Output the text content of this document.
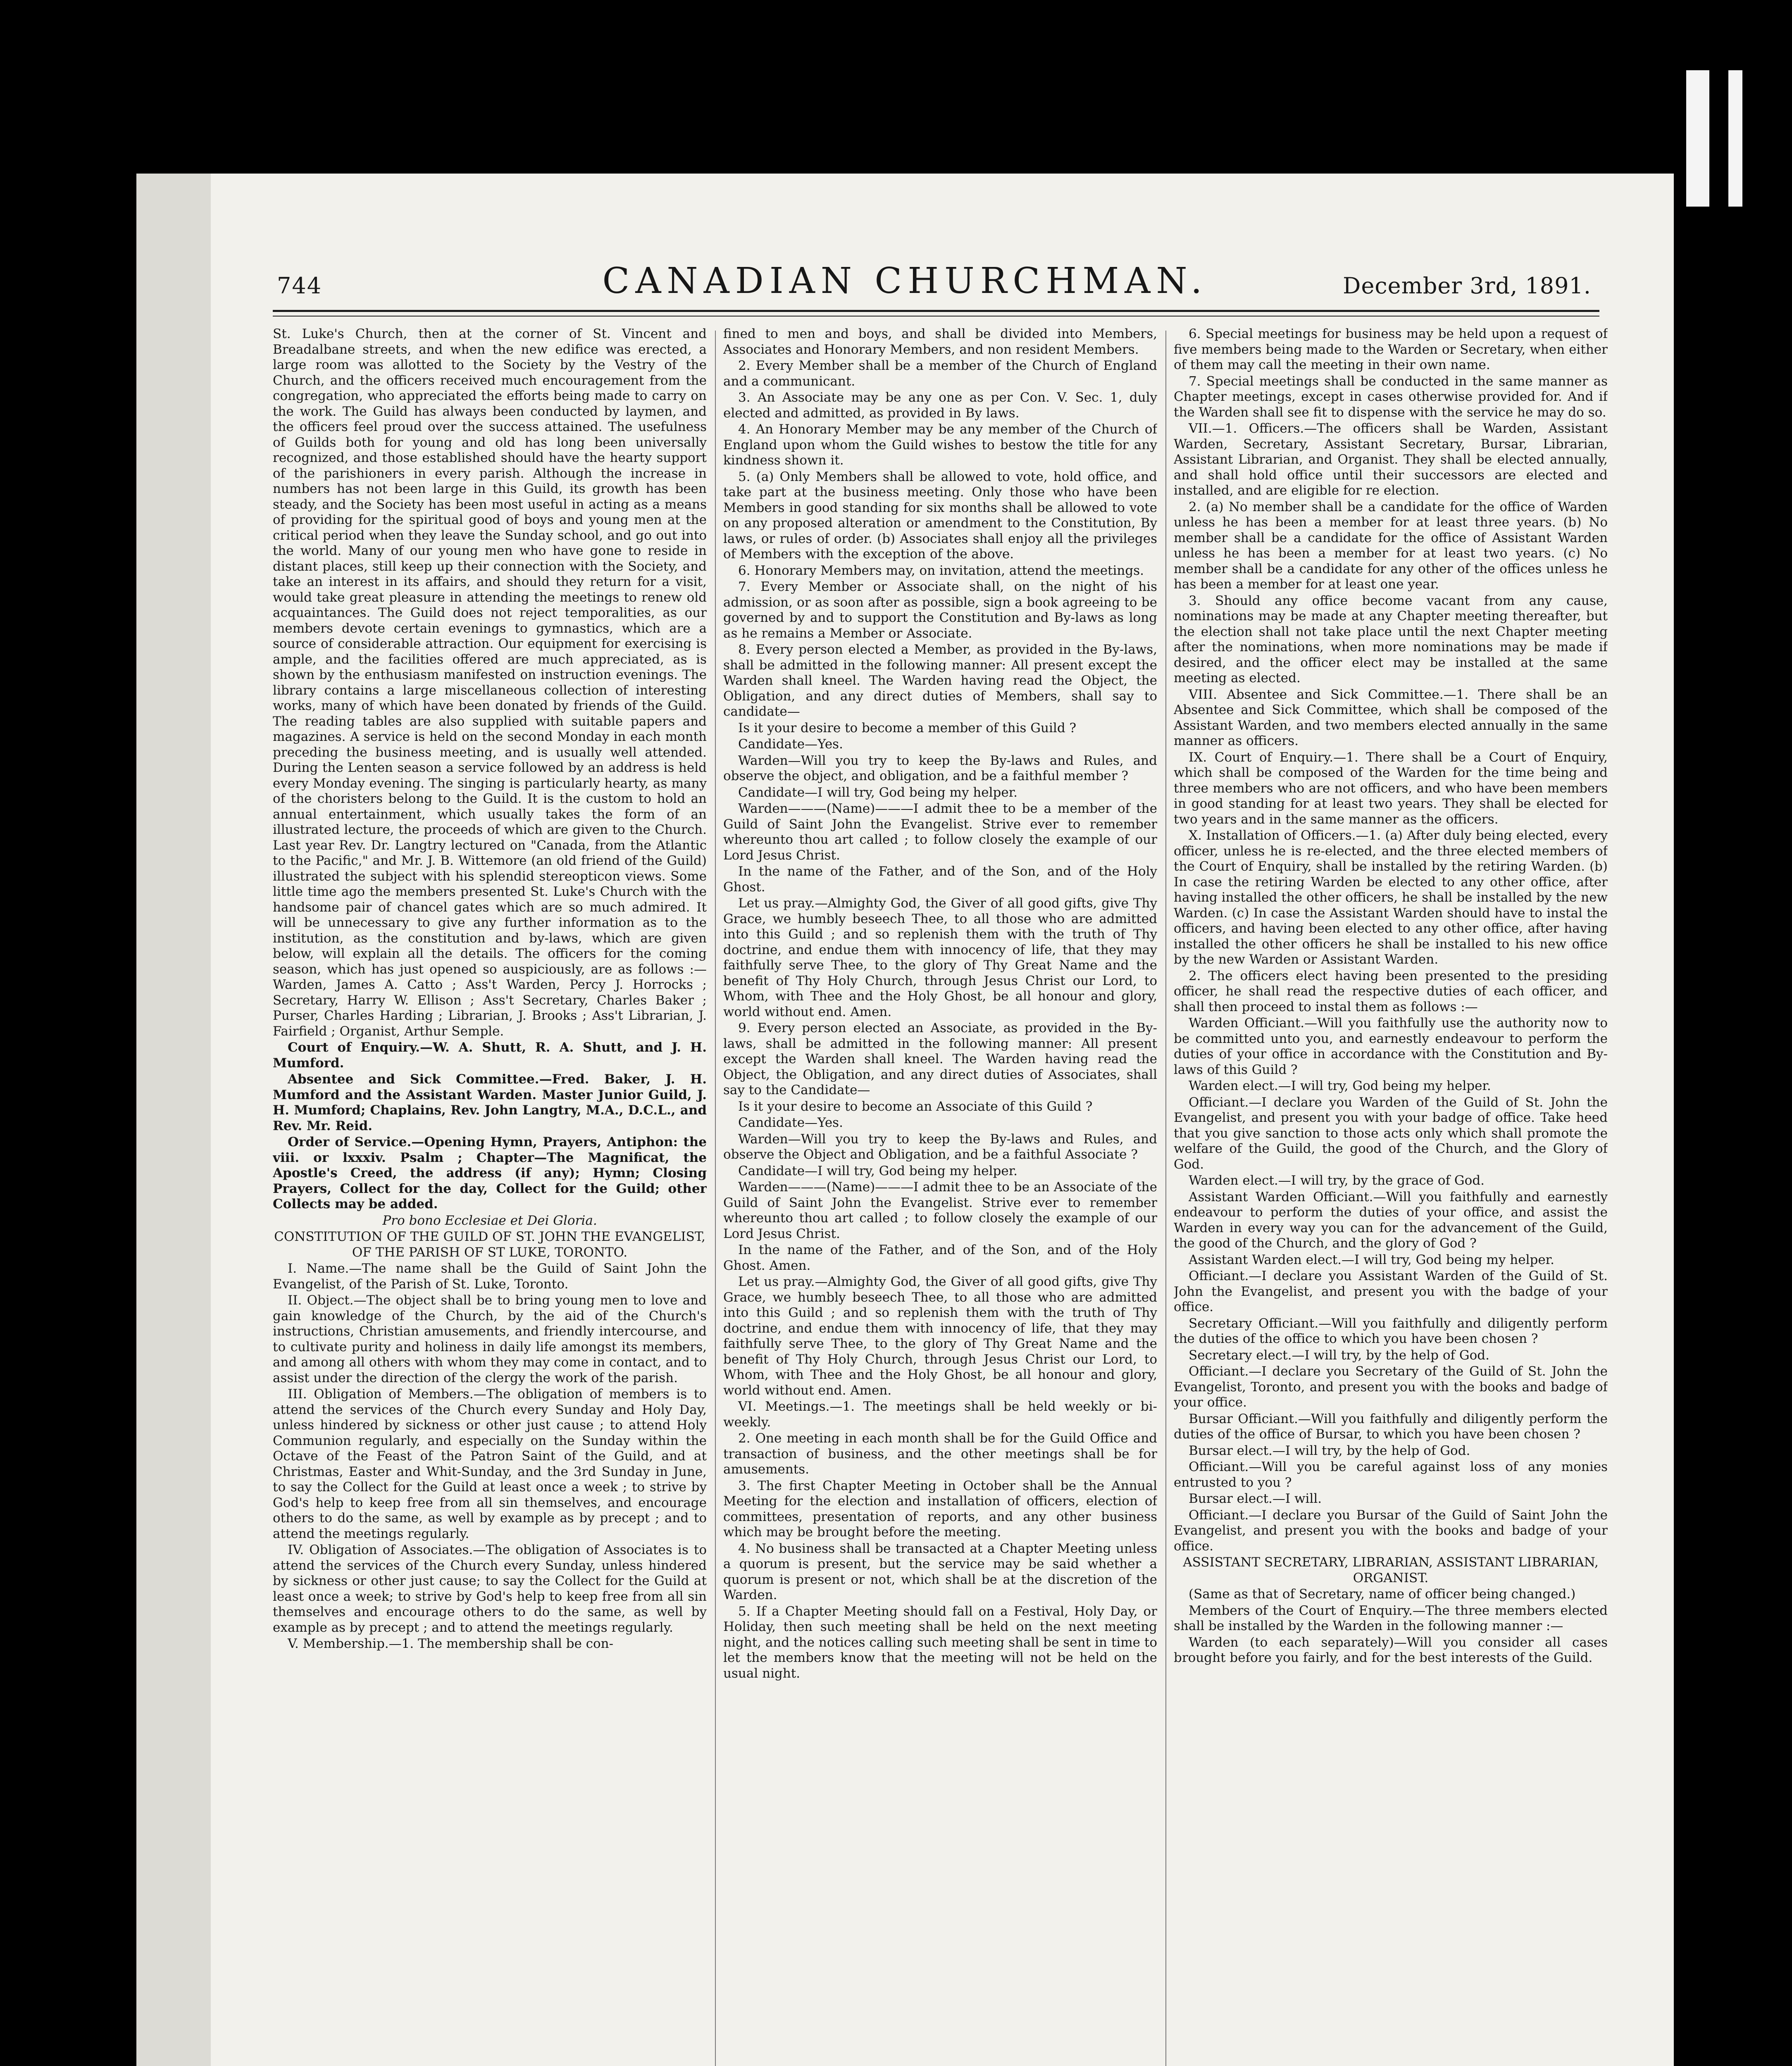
744	CANADIAN CHURCHMAN.	December 3rd, 1891.

St. Luke's Church, then at the corner of St. Vincent and Breadalbane streets, and when the new edifice was erected, a large room was allotted to the Society by the Vestry of the Church, and the officers received much encouragement from the congregation, who appreciated the efforts being made to carry on the work. The Guild has always been conducted by laymen, and the officers feel proud over the success attained. The usefulness of Guilds both for young and old has long been universally recognized, and those established should have the hearty support of the parishioners in every parish. Although the increase in numbers has not been large in this Guild, its growth has been steady, and the Society has been most useful in acting as a means of providing for the spiritual good of boys and young men at the critical period when they leave the Sunday school, and go out into the world. Many of our young men who have gone to reside in distant places, still keep up their connection with the Society, and take an interest in its affairs, and should they return for a visit, would take great pleasure in attending the meetings to renew old acquaintances. The Guild does not reject temporalities, as our members devote certain evenings to gymnastics, which are a source of considerable attraction. Our equipment for exercising is ample, and the facilities offered are much appreciated, as is shown by the enthusiasm manifested on instruction evenings. The library contains a large miscellaneous collection of interesting works, many of which have been donated by friends of the Guild. The reading tables are also supplied with suitable papers and magazines. A service is held on the second Monday in each month preceding the business meeting, and is usually well attended. During the Lenten season a service followed by an address is held every Monday evening. The singing is particularly hearty, as many of the choristers belong to the Guild. It is the custom to hold an annual entertainment, which usually takes the form of an illustrated lecture, the proceeds of which are given to the Church. Last year Rev. Dr. Langtry lectured on "Canada, from the Atlantic to the Pacific," and Mr. J. B. Wittemore (an old friend of the Guild) illustrated the subject with his splendid stereopticon views. Some little time ago the members presented St. Luke's Church with the handsome pair of chancel gates which are so much admired. It will be unnecessary to give any further information as to the institution, as the constitution and by-laws, which are given below, will explain all the details. The officers for the coming season, which has just opened so auspiciously, are as follows :—Warden, James A. Catto ; Ass't Warden, Percy J. Horrocks ; Secretary, Harry W. Ellison ; Ass't Secretary, Charles Baker ; Purser, Charles Harding ; Librarian, J. Brooks ; Ass't Librarian, J. Fairfield ; Organist, Arthur Semple.

Court of Enquiry.—W. A. Shutt, R. A. Shutt, and J. H. Mumford.

Absentee and Sick Committee.—Fred. Baker, J. H. Mumford and the Assistant Warden. Master Junior Guild, J. H. Mumford; Chaplains, Rev. John Langtry, M.A., D.C.L., and Rev. Mr. Reid.

Order of Service.—Opening Hymn, Prayers, Antiphon: the viii. or lxxxiv. Psalm ; Chapter—The Magnificat, the Apostle's Creed, the address (if any); Hymn; Closing Prayers, Collect for the day, Collect for the Guild; other Collects may be added.

Pro bono Ecclesiae et Dei Gloria.

CONSTITUTION OF THE GUILD OF ST. JOHN THE EVANGELIST, OF THE PARISH OF ST LUKE, TORONTO.

I. Name.—The name shall be the Guild of Saint John the Evangelist, of the Parish of St. Luke, Toronto.

II. Object.—The object shall be to bring young men to love and gain knowledge of the Church, by the aid of the Church's instructions, Christian amusements, and friendly intercourse, and to cultivate purity and holiness in daily life amongst its members, and among all others with whom they may come in contact, and to assist under the direction of the clergy the work of the parish.

III. Obligation of Members.—The obligation of members is to attend the services of the Church every Sunday and Holy Day, unless hindered by sickness or other just cause ; to attend Holy Communion regularly, and especially on the Sunday within the Octave of the Feast of the Patron Saint of the Guild, and at Christmas, Easter and Whit-Sunday, and the 3rd Sunday in June, to say the Collect for the Guild at least once a week ; to strive by God's help to keep free from all sin themselves, and encourage others to do the same, as well by example as by precept ; and to attend the meetings regularly.

IV. Obligation of Associates.—The obligation of Associates is to attend the services of the Church every Sunday, unless hindered by sickness or other just cause; to say the Collect for the Guild at least once a week; to strive by God's help to keep free from all sin themselves and encourage others to do the same, as well by example as by precept ; and to attend the meetings regularly.

V. Membership.—1. The membership shall be con-

fined to men and boys, and shall be divided into Members, Associates and Honorary Members, and non resident Members.

2. Every Member shall be a member of the Church of England and a communicant.

3. An Associate may be any one as per Con. V. Sec. 1, duly elected and admitted, as provided in By laws.

4. An Honorary Member may be any member of the Church of England upon whom the Guild wishes to bestow the title for any kindness shown it.

5. (a) Only Members shall be allowed to vote, hold office, and take part at the business meeting. Only those who have been Members in good standing for six months shall be allowed to vote on any proposed alteration or amendment to the Constitution, By laws, or rules of order. (b) Associates shall enjoy all the privileges of Members with the exception of the above.

6. Honorary Members may, on invitation, attend the meetings.

7. Every Member or Associate shall, on the night of his admission, or as soon after as possible, sign a book agreeing to be governed by and to support the Constitution and By-laws as long as he remains a Member or Associate.

8. Every person elected a Member, as provided in the By-laws, shall be admitted in the following manner: All present except the Warden shall kneel. The Warden having read the Object, the Obligation, and any direct duties of Members, shall say to candidate—

Is it your desire to become a member of this Guild ?

Candidate—Yes.

Warden—Will you try to keep the By-laws and Rules, and observe the object, and obligation, and be a faithful member ?

Candidate—I will try, God being my helper.

Warden———(Name)———I admit thee to be a member of the Guild of Saint John the Evangelist. Strive ever to remember whereunto thou art called ; to follow closely the example of our Lord Jesus Christ.

In the name of the Father, and of the Son, and of the Holy Ghost.

Let us pray.—Almighty God, the Giver of all good gifts, give Thy Grace, we humbly beseech Thee, to all those who are admitted into this Guild ; and so replenish them with the truth of Thy doctrine, and endue them with innocency of life, that they may faithfully serve Thee, to the glory of Thy Great Name and the benefit of Thy Holy Church, through Jesus Christ our Lord, to Whom, with Thee and the Holy Ghost, be all honour and glory, world without end. Amen.

9. Every person elected an Associate, as provided in the By-laws, shall be admitted in the following manner: All present except the Warden shall kneel. The Warden having read the Object, the Obligation, and any direct duties of Associates, shall say to the Candidate—

Is it your desire to become an Associate of this Guild ?

Candidate—Yes.

Warden—Will you try to keep the By-laws and Rules, and observe the Object and Obligation, and be a faithful Associate ?

Candidate—I will try, God being my helper.

Warden———(Name)———I admit thee to be an Associate of the Guild of Saint John the Evangelist. Strive ever to remember whereunto thou art called ; to follow closely the example of our Lord Jesus Christ.

In the name of the Father, and of the Son, and of the Holy Ghost. Amen.

Let us pray.—Almighty God, the Giver of all good gifts, give Thy Grace, we humbly beseech Thee, to all those who are admitted into this Guild ; and so replenish them with the truth of Thy doctrine, and endue them with innocency of life, that they may faithfully serve Thee, to the glory of Thy Great Name and the benefit of Thy Holy Church, through Jesus Christ our Lord, to Whom, with Thee and the Holy Ghost, be all honour and glory, world without end. Amen.

VI. Meetings.—1. The meetings shall be held weekly or bi-weekly.

2. One meeting in each month shall be for the Guild Office and transaction of business, and the other meetings shall be for amusements.

3. The first Chapter Meeting in October shall be the Annual Meeting for the election and installation of officers, election of committees, presentation of reports, and any other business which may be brought before the meeting.

4. No business shall be transacted at a Chapter Meeting unless a quorum is present, but the service may be said whether a quorum is present or not, which shall be at the discretion of the Warden.

5. If a Chapter Meeting should fall on a Festival, Holy Day, or Holiday, then such meeting shall be held on the next meeting night, and the notices calling such meeting shall be sent in time to let the members know that the meeting will not be held on the usual night.

6. Special meetings for business may be held upon a request of five members being made to the Warden or Secretary, when either of them may call the meeting in their own name.

7. Special meetings shall be conducted in the same manner as Chapter meetings, except in cases otherwise provided for. And if the Warden shall see fit to dispense with the service he may do so.

VII.—1. Officers.—The officers shall be Warden, Assistant Warden, Secretary, Assistant Secretary, Bursar, Librarian, Assistant Librarian, and Organist. They shall be elected annually, and shall hold office until their successors are elected and installed, and are eligible for re election.

2. (a) No member shall be a candidate for the office of Warden unless he has been a member for at least three years. (b) No member shall be a candidate for the office of Assistant Warden unless he has been a member for at least two years. (c) No member shall be a candidate for any other of the offices unless he has been a member for at least one year.

3. Should any office become vacant from any cause, nominations may be made at any Chapter meeting thereafter, but the election shall not take place until the next Chapter meeting after the nominations, when more nominations may be made if desired, and the officer elect may be installed at the same meeting as elected.

VIII. Absentee and Sick Committee.—1. There shall be an Absentee and Sick Committee, which shall be composed of the Assistant Warden, and two members elected annually in the same manner as officers.

IX. Court of Enquiry.—1. There shall be a Court of Enquiry, which shall be composed of the Warden for the time being and three members who are not officers, and who have been members in good standing for at least two years. They shall be elected for two years and in the same manner as the officers.

X. Installation of Officers.—1. (a) After duly being elected, every officer, unless he is re-elected, and the three elected members of the Court of Enquiry, shall be installed by the retiring Warden. (b) In case the retiring Warden be elected to any other office, after having installed the other officers, he shall be installed by the new Warden. (c) In case the Assistant Warden should have to instal the officers, and having been elected to any other office, after having installed the other officers he shall be installed to his new office by the new Warden or Assistant Warden.

2. The officers elect having been presented to the presiding officer, he shall read the respective duties of each officer, and shall then proceed to instal them as follows :—

Warden Officiant.—Will you faithfully use the authority now to be committed unto you, and earnestly endeavour to perform the duties of your office in accordance with the Constitution and By-laws of this Guild ?

Warden elect.—I will try, God being my helper.

Officiant.—I declare you Warden of the Guild of St. John the Evangelist, and present you with your badge of office. Take heed that you give sanction to those acts only which shall promote the welfare of the Guild, the good of the Church, and the Glory of God.

Warden elect.—I will try, by the grace of God.

Assistant Warden Officiant.—Will you faithfully and earnestly endeavour to perform the duties of your office, and assist the Warden in every way you can for the advancement of the Guild, the good of the Church, and the glory of God ?

Assistant Warden elect.—I will try, God being my helper.

Officiant.—I declare you Assistant Warden of the Guild of St. John the Evangelist, and present you with the badge of your office.

Secretary Officiant.—Will you faithfully and diligently perform the duties of the office to which you have been chosen ?

Secretary elect.—I will try, by the help of God.

Officiant.—I declare you Secretary of the Guild of St. John the Evangelist, Toronto, and present you with the books and badge of your office.

Bursar Officiant.—Will you faithfully and diligently perform the duties of the office of Bursar, to which you have been chosen ?

Bursar elect.—I will try, by the help of God.

Officiant.—Will you be careful against loss of any monies entrusted to you ?

Bursar elect.—I will.

Officiant.—I declare you Bursar of the Guild of Saint John the Evangelist, and present you with the books and badge of your office.

ASSISTANT SECRETARY, LIBRARIAN, ASSISTANT LIBRARIAN, ORGANIST.

(Same as that of Secretary, name of officer being changed.)

Members of the Court of Enquiry.—The three members elected shall be installed by the Warden in the following manner :—

Warden (to each separately)—Will you consider all cases brought before you fairly, and for the best interests of the Guild.
